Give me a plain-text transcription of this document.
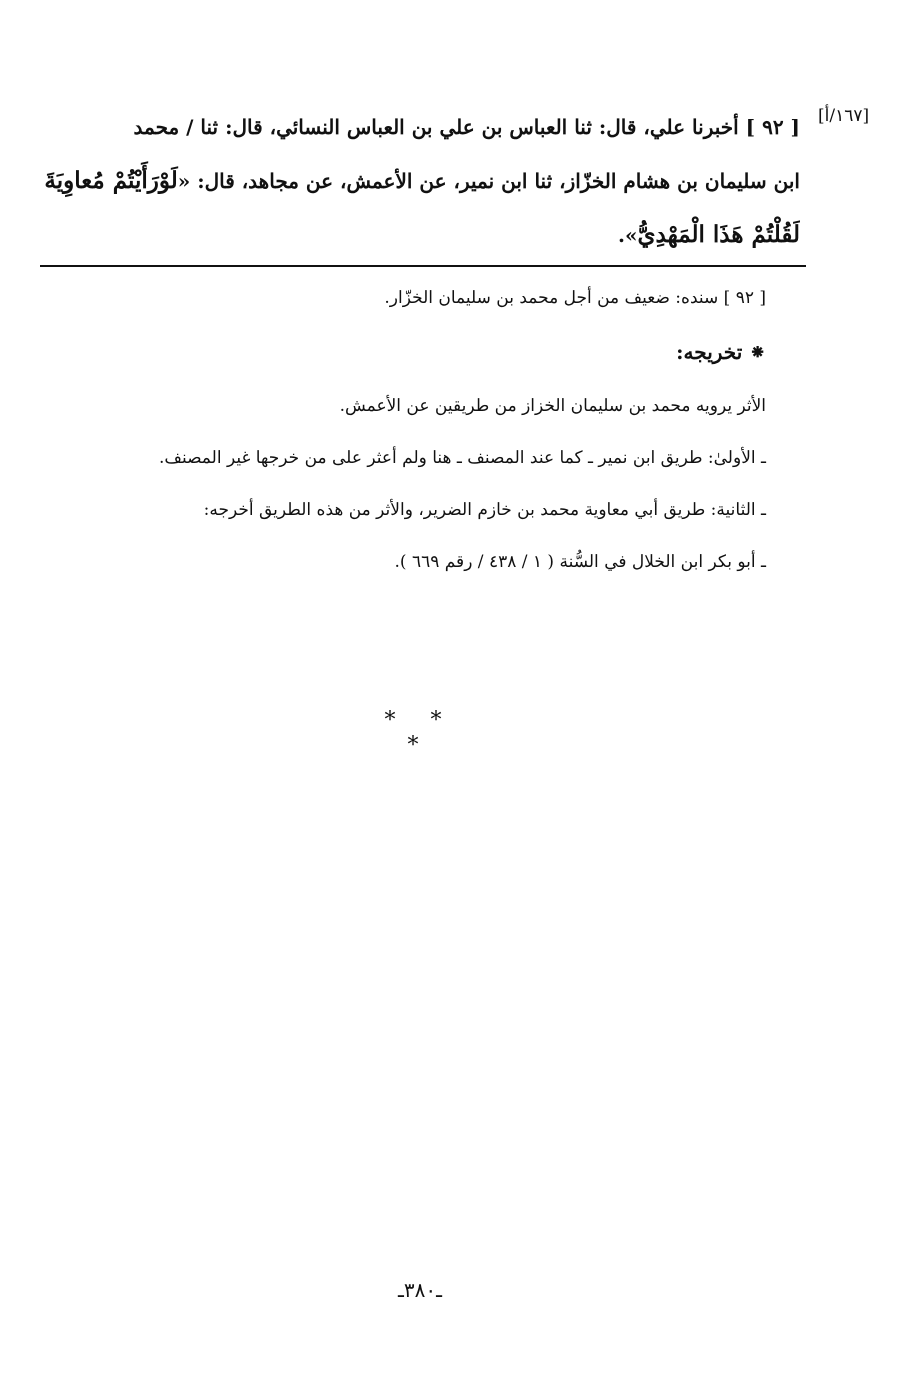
[١٦٧/أ]
[ ٩٢ ] أخبرنا علي، قال: ثنا العباس بن علي بن العباس النسائي، قال: ثنا / محمد
ابن سليمان بن هشام الخزّاز، ثنا ابن نمير، عن الأعمش، عن مجاهد، قال: «لَوْرَأَيْتُمْ مُعاوِيَةَ
لَقُلْتُمْ هَذَا الْمَهْدِيُّ».
[ ٩٢ ] سنده: ضعيف من أجل محمد بن سليمان الخزّار.
⁕ تخريجه:
الأثر يرويه محمد بن سليمان الخزاز من طريقين عن الأعمش.
ـ الأولىٰ: طريق ابن نمير ـ كما عند المصنف ـ هنا ولم أعثر على من خرجها غير المصنف.
ـ الثانية: طريق أبي معاوية محمد بن خازم الضرير، والأثر من هذه الطريق أخرجه:
ـ أبو بكر ابن الخلال في السُّنة ( ١ / ٤٣٨ / رقم ٦٦٩ ).
* * *
ـ٣٨٠ـ
